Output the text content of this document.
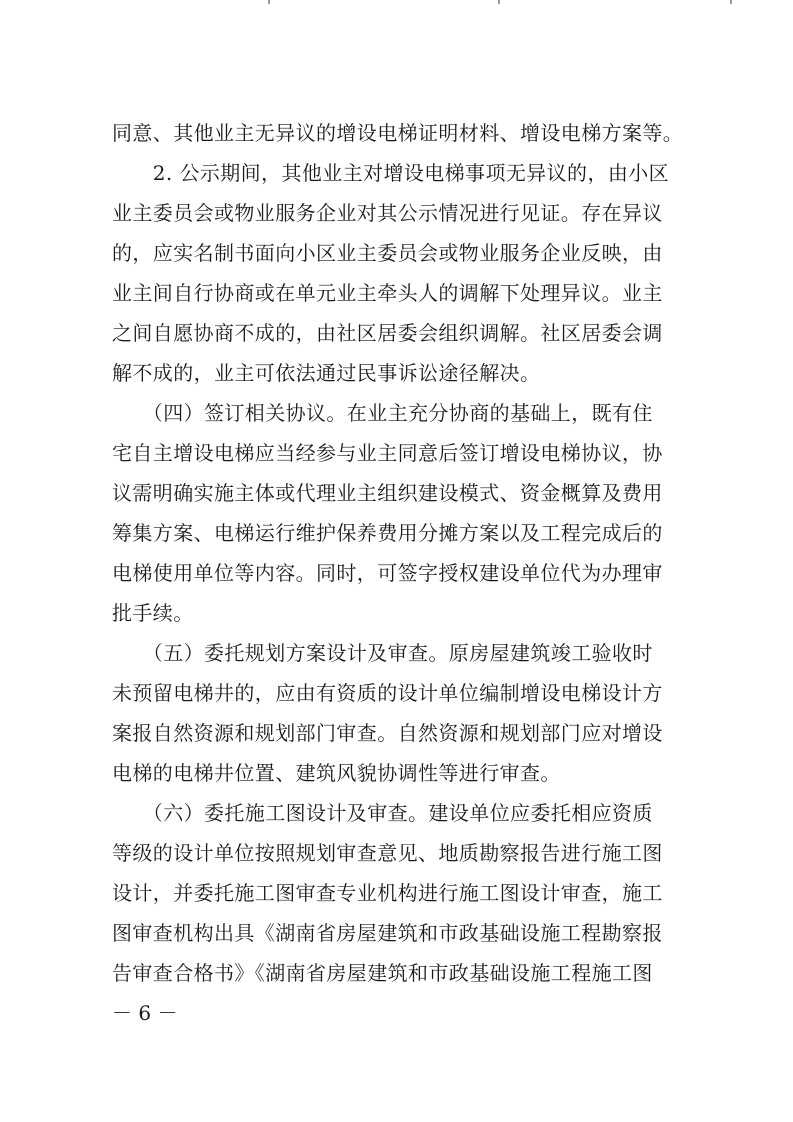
同意、其他业主无异议的增设电梯证明材料、增设电梯方案等。

　　2. 公示期间，其他业主对增设电梯事项无异议的，由小区

业主委员会或物业服务企业对其公示情况进行见证。存在异议

的，应实名制书面向小区业主委员会或物业服务企业反映，由

业主间自行协商或在单元业主牵头人的调解下处理异议。业主

之间自愿协商不成的，由社区居委会组织调解。社区居委会调

解不成的，业主可依法通过民事诉讼途径解决。

　　（四）签订相关协议。在业主充分协商的基础上，既有住

宅自主增设电梯应当经参与业主同意后签订增设电梯协议，协

议需明确实施主体或代理业主组织建设模式、资金概算及费用

筹集方案、电梯运行维护保养费用分摊方案以及工程完成后的

电梯使用单位等内容。同时，可签字授权建设单位代为办理审

批手续。

　　（五）委托规划方案设计及审查。原房屋建筑竣工验收时

未预留电梯井的，应由有资质的设计单位编制增设电梯设计方

案报自然资源和规划部门审查。自然资源和规划部门应对增设

电梯的电梯井位置、建筑风貌协调性等进行审查。

　　（六）委托施工图设计及审查。建设单位应委托相应资质

等级的设计单位按照规划审查意见、地质勘察报告进行施工图

设计，并委托施工图审查专业机构进行施工图设计审查，施工

图审查机构出具《湖南省房屋建筑和市政基础设施工程勘察报

告审查合格书》《湖南省房屋建筑和市政基础设施工程施工图

－ 6 －
